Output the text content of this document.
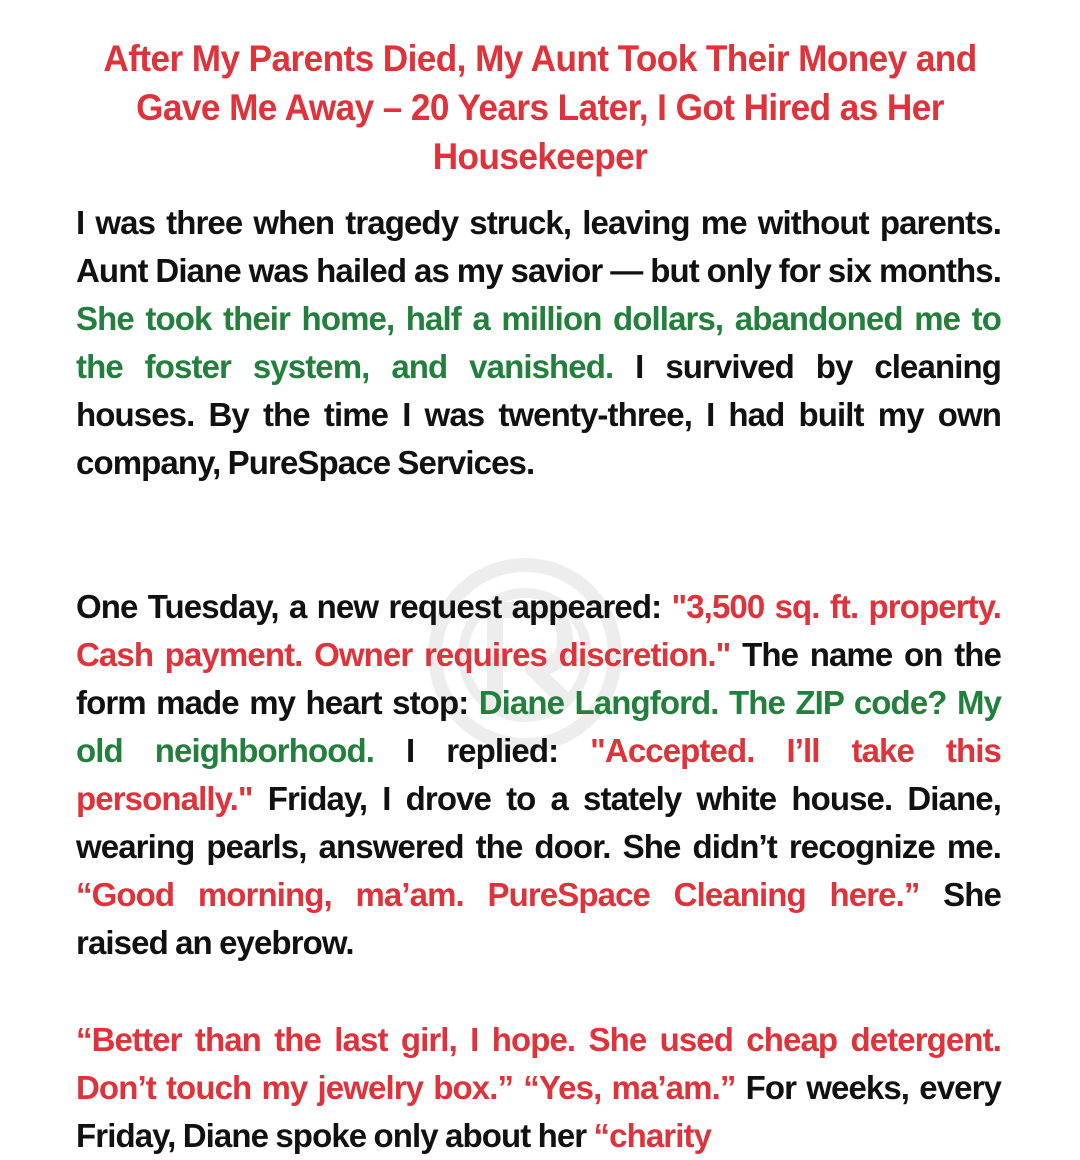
After My Parents Died, My Aunt Took Their Money and Gave Me Away – 20 Years Later, I Got Hired as Her Housekeeper

I was three when tragedy struck, leaving me without parents. Aunt Diane was hailed as my savior — but only for six months. She took their home, half a million dollars, abandoned me to the foster system, and vanished. I survived by cleaning houses. By the time I was twenty-three, I had built my own company, PureSpace Services.

One Tuesday, a new request appeared: "3,500 sq. ft. property. Cash payment. Owner requires discretion." The name on the form made my heart stop: Diane Langford. The ZIP code? My old neighborhood. I replied: "Accepted. I’ll take this personally." Friday, I drove to a stately white house. Diane, wearing pearls, answered the door. She didn’t recognize me. “Good morning, ma’am. PureSpace Cleaning here.” She raised an eyebrow.

“Better than the last girl, I hope. She used cheap detergent. Don’t touch my jewelry box.” “Yes, ma’am.” For weeks, every Friday, Diane spoke only about her “charity
